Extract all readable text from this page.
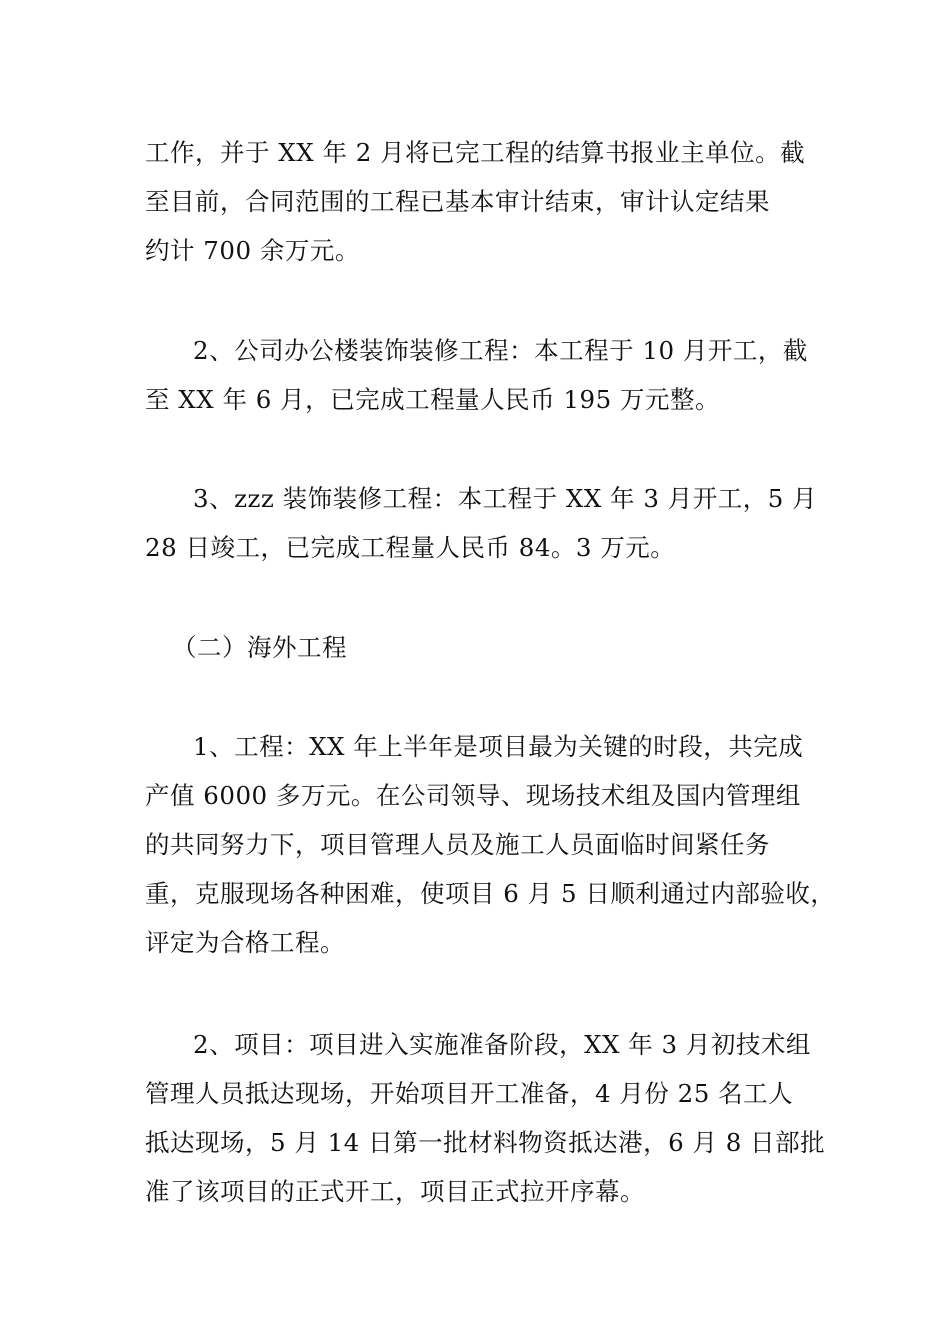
工作，并于 XX 年 2 月将已完工程的结算书报业主单位。截
至目前，合同范围的工程已基本审计结束，审计认定结果
约计 700 余万元。
2、公司办公楼装饰装修工程：本工程于 10 月开工，截
至 XX 年 6 月，已完成工程量人民币 195 万元整。
3、zzz 装饰装修工程：本工程于 XX 年 3 月开工，5 月
28 日竣工，已完成工程量人民币 84。3 万元。
（二）海外工程
1、工程：XX 年上半年是项目最为关键的时段，共完成
产值 6000 多万元。在公司领导、现场技术组及国内管理组
的共同努力下，项目管理人员及施工人员面临时间紧任务
重，克服现场各种困难，使项目 6 月 5 日顺利通过内部验收，
评定为合格工程。
2、项目：项目进入实施准备阶段，XX 年 3 月初技术组
管理人员抵达现场，开始项目开工准备，4 月份 25 名工人
抵达现场，5 月 14 日第一批材料物资抵达港，6 月 8 日部批
准了该项目的正式开工，项目正式拉开序幕。
